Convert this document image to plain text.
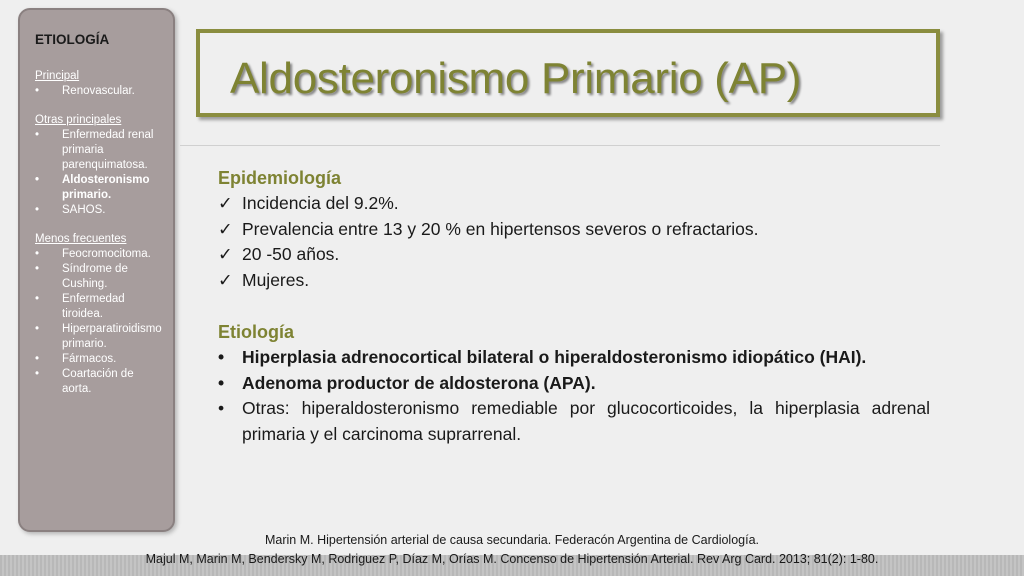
ETIOLOGÍA
Principal
• Renovascular.
Otras principales
• Enfermedad renal primaria parenquimatosa.
• Aldosteronismo primario.
• SAHOS.
Menos frecuentes
• Feocromocitoma.
• Síndrome de Cushing.
• Enfermedad tiroidea.
• Hiperparatiroidismo primario.
• Fármacos.
• Coartación de aorta.
Aldosteronismo Primario (AP)
Epidemiología
✓ Incidencia del 9.2%.
✓ Prevalencia entre 13 y 20 % en hipertensos severos o refractarios.
✓ 20 -50 años.
✓ Mujeres.
Etiología
• Hiperplasia adrenocortical bilateral o hiperaldosteronismo idiopático (HAI).
• Adenoma productor de aldosterona (APA).
• Otras: hiperaldosteronismo remediable por glucocorticoides, la hiperplasia adrenal primaria y el carcinoma suprarrenal.
Marin M. Hipertensión arterial de causa secundaria. Federacón Argentina de Cardiología.
Majul M, Marin M, Bendersky M, Rodriguez P, Díaz M, Orías M. Concenso de Hipertensión Arterial. Rev Arg Card. 2013; 81(2): 1-80.
